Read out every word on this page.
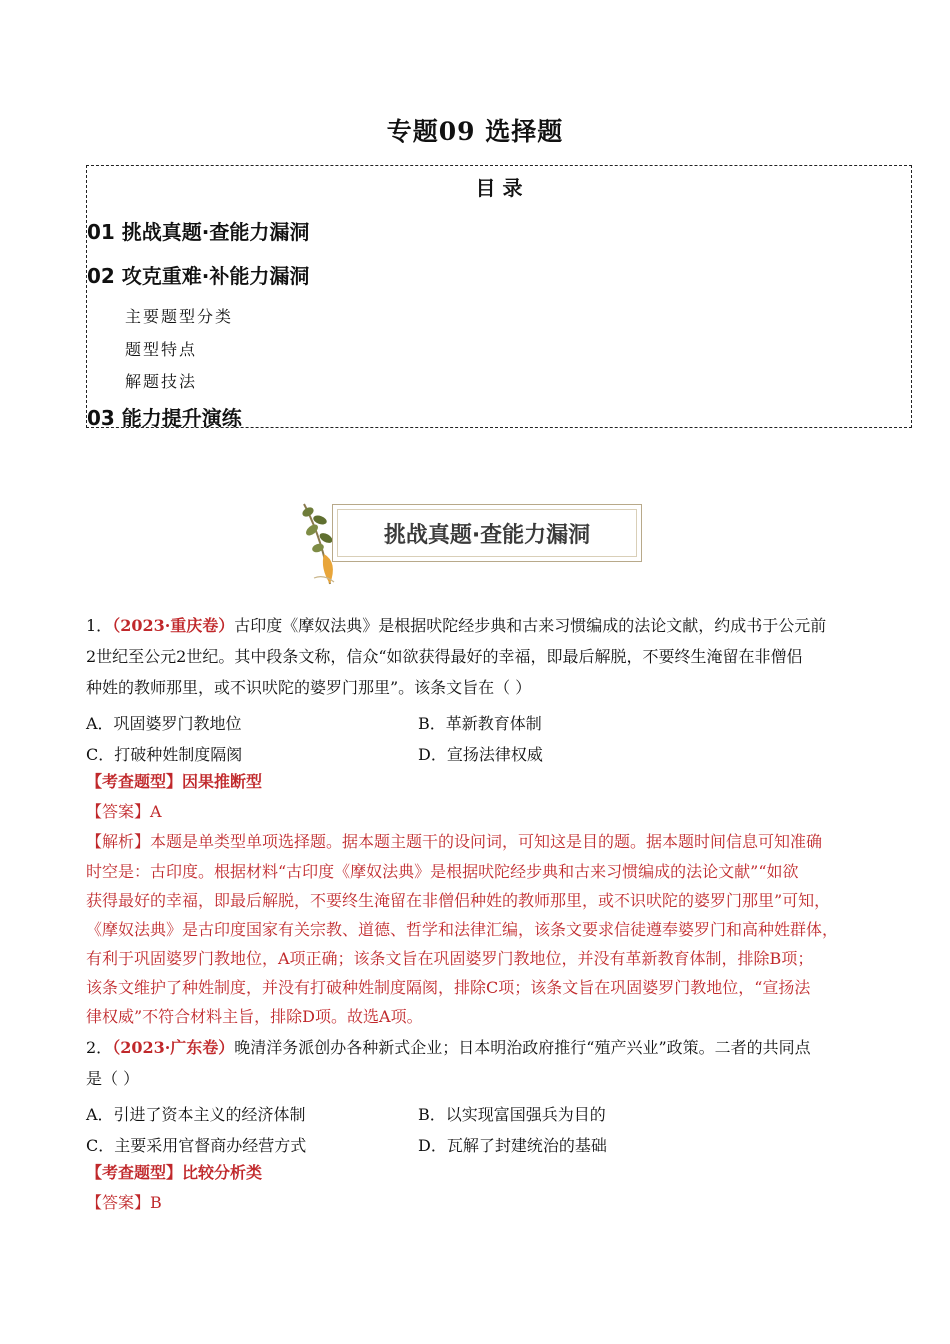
专题09 选择题
目 录
01 挑战真题·查能力漏洞
02 攻克重难·补能力漏洞
主要题型分类
题型特点
解题技法
03 能力提升演练
挑战真题·查能力漏洞
1．（2023·重庆卷）古印度《摩奴法典》是根据吠陀经步典和古来习惯编成的法论文献，约成书于公元前
2世纪至公元2世纪。其中段条文称，信众“如欲获得最好的幸福，即最后解脱，不要终生淹留在非僧侣
种姓的教师那里，或不识吠陀的婆罗门那里”。该条文旨在（ ）
A．巩固婆罗门教地位	B．革新教育体制
C．打破种姓制度隔阂	D．宣扬法律权威
【考查题型】因果推断型
【答案】A
【解析】本题是单类型单项选择题。据本题主题干的设问词，可知这是目的题。据本题时间信息可知准确
时空是：古印度。根据材料“古印度《摩奴法典》是根据吠陀经步典和古来习惯编成的法论文献”“如欲
获得最好的幸福，即最后解脱，不要终生淹留在非僧侣种姓的教师那里，或不识吠陀的婆罗门那里”可知，
《摩奴法典》是古印度国家有关宗教、道德、哲学和法律汇编，该条文要求信徒遵奉婆罗门和高种姓群体，
有利于巩固婆罗门教地位，A项正确；该条文旨在巩固婆罗门教地位，并没有革新教育体制，排除B项；
该条文维护了种姓制度，并没有打破种姓制度隔阂，排除C项；该条文旨在巩固婆罗门教地位，“宣扬法
律权威”不符合材料主旨，排除D项。故选A项。
2．（2023·广东卷）晚清洋务派创办各种新式企业；日本明治政府推行“殖产兴业”政策。二者的共同点
是（ ）
A．引进了资本主义的经济体制	B．以实现富国强兵为目的
C．主要采用官督商办经营方式	D．瓦解了封建统治的基础
【考查题型】比较分析类
【答案】B
